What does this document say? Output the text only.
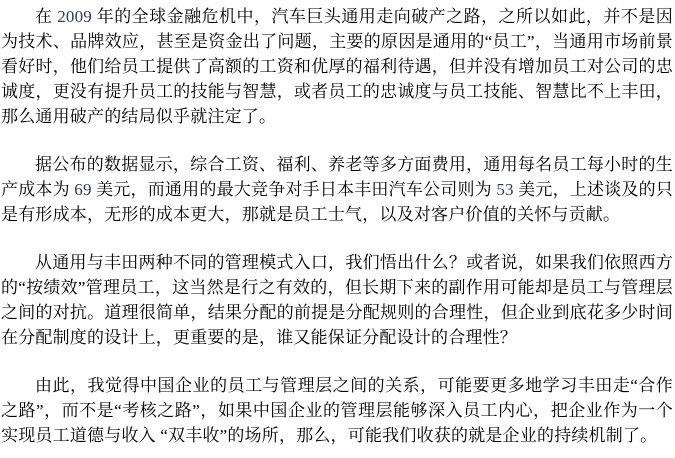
在 2009 年的全球金融危机中，汽车巨头通用走向破产之路，之所以如此，并不是因为技术、品牌效应，甚至是资金出了问题，主要的原因是通用的“员工”，当通用市场前景看好时，他们给员工提供了高额的工资和优厚的福利待遇，但并没有增加员工对公司的忠诚度，更没有提升员工的技能与智慧，或者员工的忠诚度与员工技能、智慧比不上丰田，那么通用破产的结局似乎就注定了。

据公布的数据显示，综合工资、福利、养老等多方面费用，通用每名员工每小时的生产成本为 69 美元，而通用的最大竞争对手日本丰田汽车公司则为 53 美元，上述谈及的只是有形成本，无形的成本更大，那就是员工士气，以及对客户价值的关怀与贡献。

从通用与丰田两种不同的管理模式入口，我们悟出什么？或者说，如果我们依照西方的“按绩效”管理员工，这当然是行之有效的，但长期下来的副作用可能却是员工与管理层之间的对抗。道理很简单，结果分配的前提是分配规则的合理性，但企业到底花多少时间在分配制度的设计上，更重要的是，谁又能保证分配设计的合理性？

由此，我觉得中国企业的员工与管理层之间的关系，可能要更多地学习丰田走“合作之路”，而不是“考核之路”，如果中国企业的管理层能够深入员工内心，把企业作为一个实现员工道德与收入 “双丰收”的场所，那么，可能我们收获的就是企业的持续机制了。
